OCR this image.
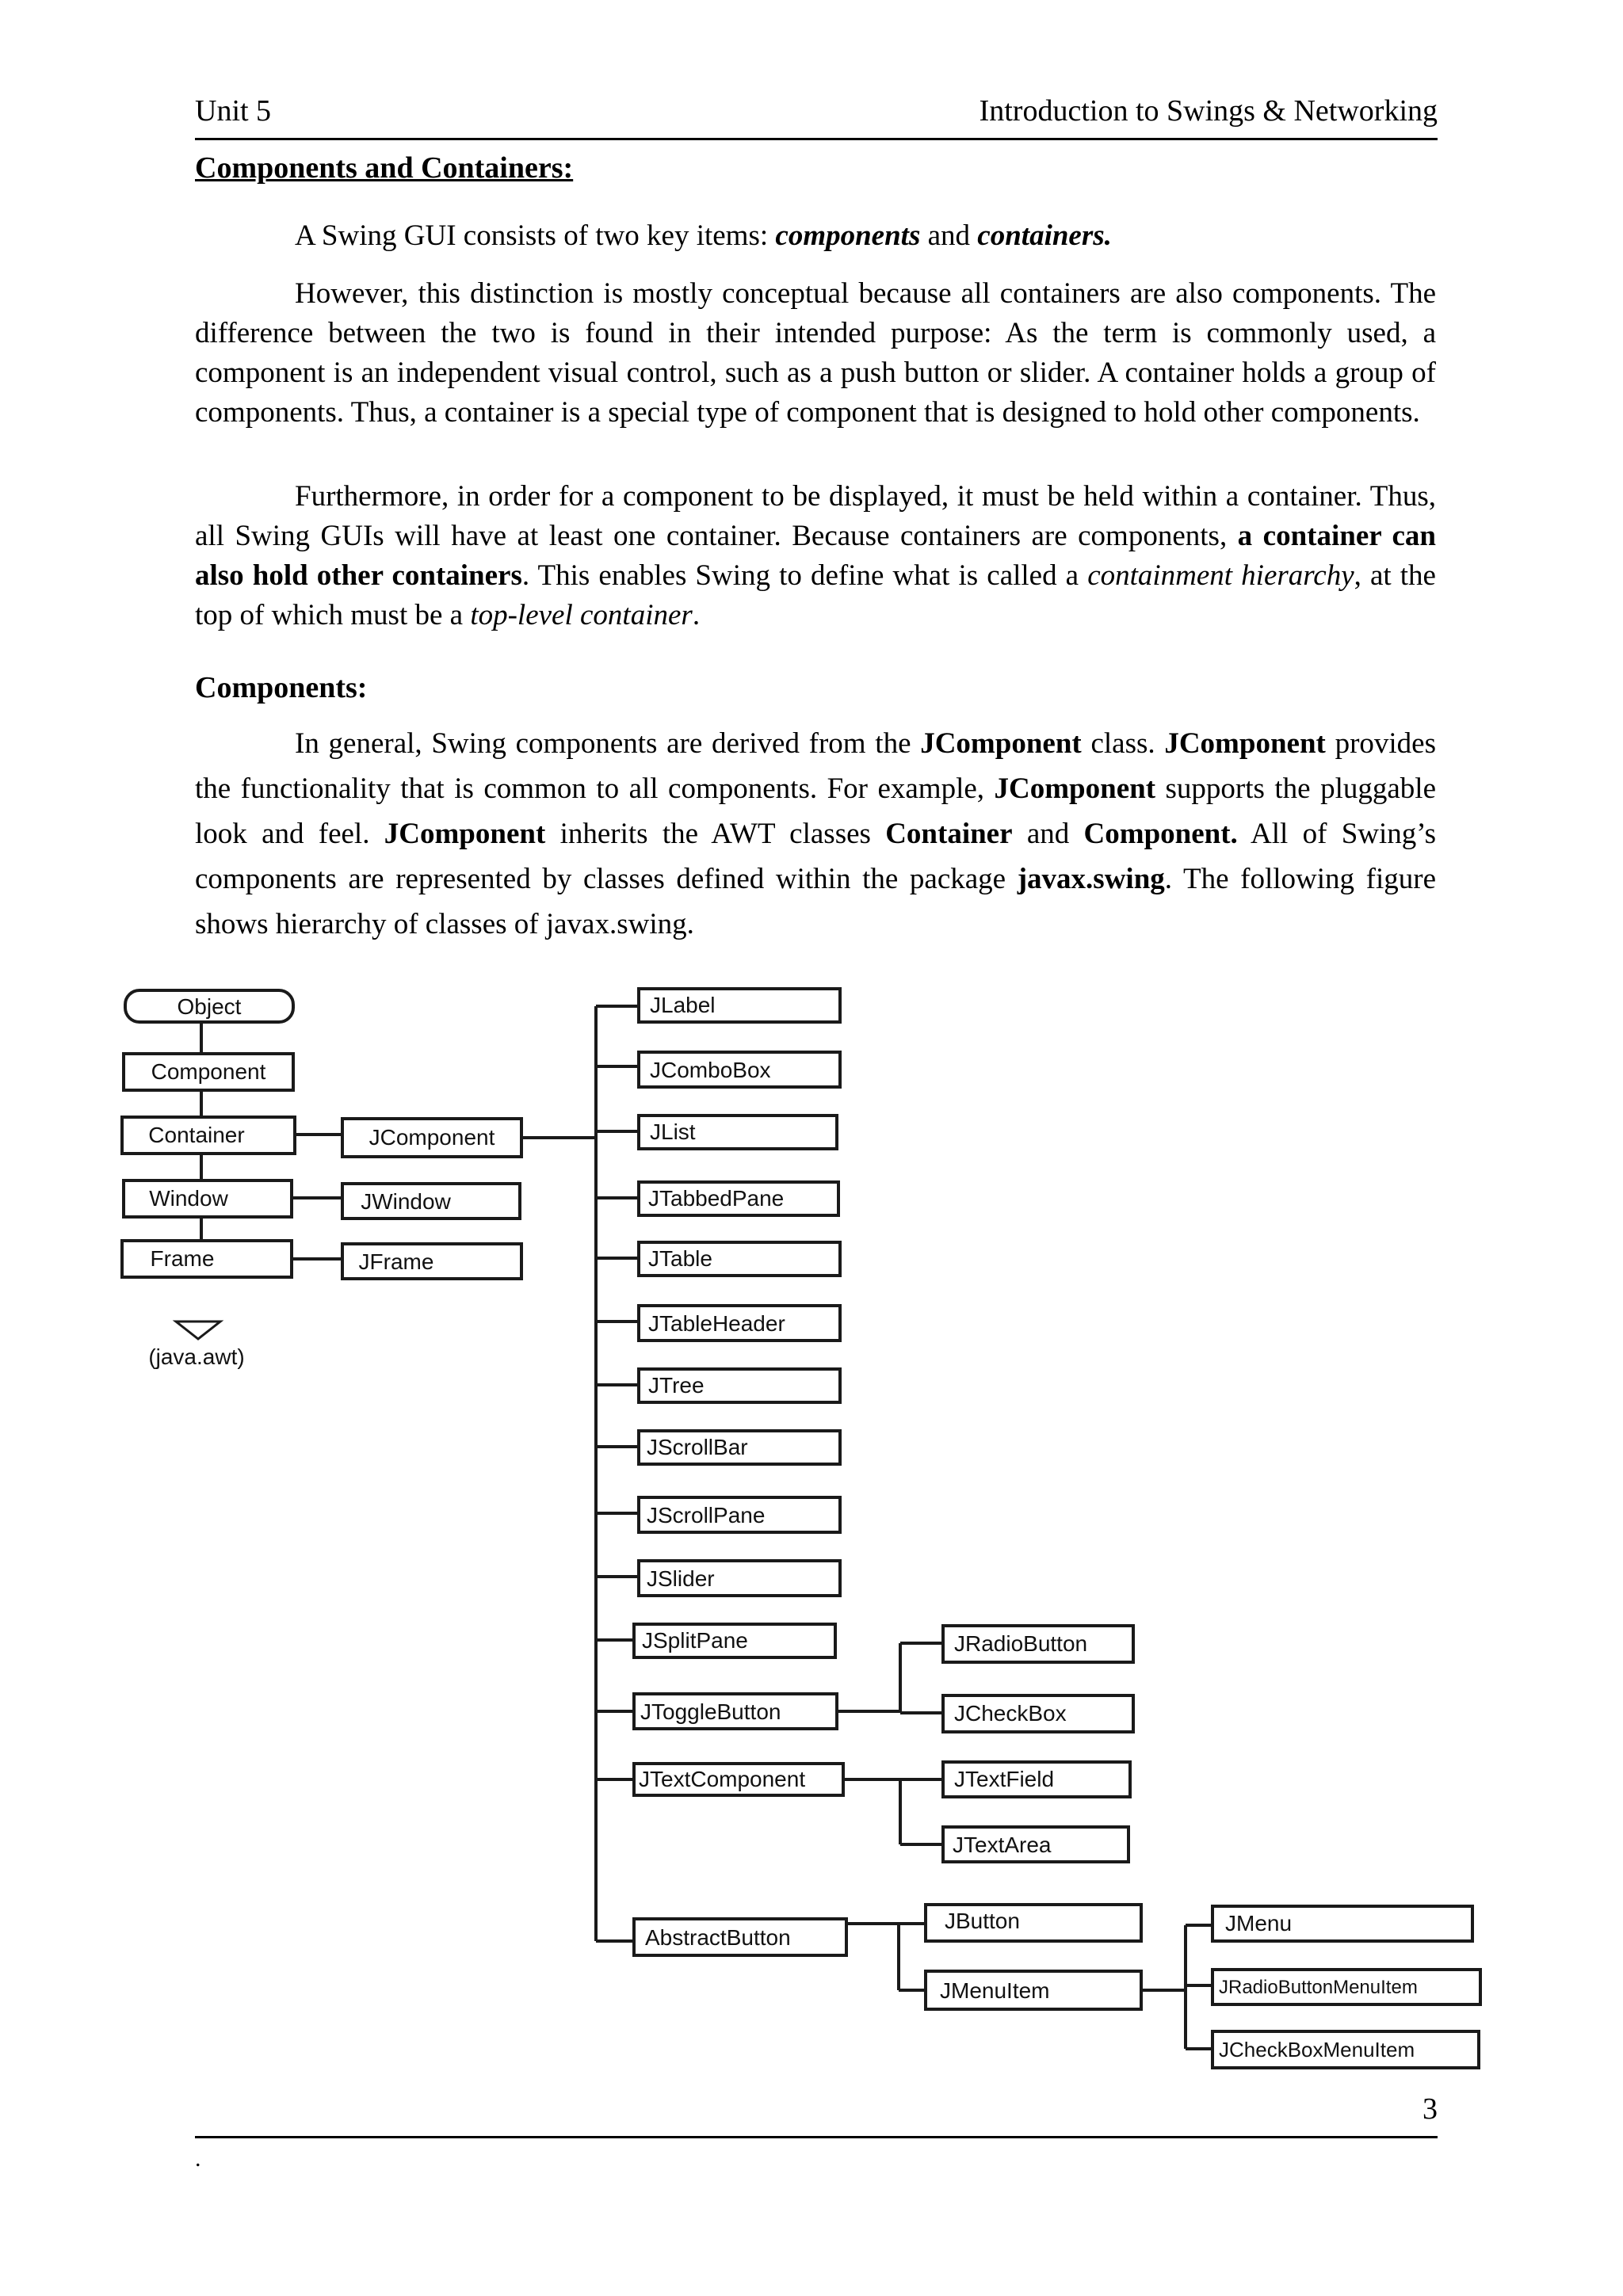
Unit 5	Introduction to Swings & Networking
Components and Containers:

A Swing GUI consists of two key items: components and containers.

However, this distinction is mostly conceptual because all containers are also components. The difference between the two is found in their intended purpose: As the term is commonly used, a component is an independent visual control, such as a push button or slider. A container holds a group of components. Thus, a container is a special type of component that is designed to hold other components.

Furthermore, in order for a component to be displayed, it must be held within a container. Thus, all Swing GUIs will have at least one container. Because containers are components, a container can also hold other containers. This enables Swing to define what is called a containment hierarchy, at the top of which must be a top-level container.

Components:

In general, Swing components are derived from the JComponent class. JComponent provides the functionality that is common to all components. For example, JComponent supports the pluggable look and feel. JComponent inherits the AWT classes Container and Component. All of Swing’s components are represented by classes defined within the package javax.swing. The following figure shows hierarchy of classes of javax.swing.

Object
Component
Container
Window
Frame
(java.awt)
JComponent
JWindow
JFrame
JLabel
JComboBox
JList
JTabbedPane
JTable
JTableHeader
JTree
JScrollBar
JScrollPane
JSlider
JSplitPane
JToggleButton
JTextComponent
AbstractButton
JRadioButton
JCheckBox
JTextField
JTextArea
JButton
JMenuItem
JMenu
JRadioButtonMenuItem
JCheckBoxMenuItem
3
.
